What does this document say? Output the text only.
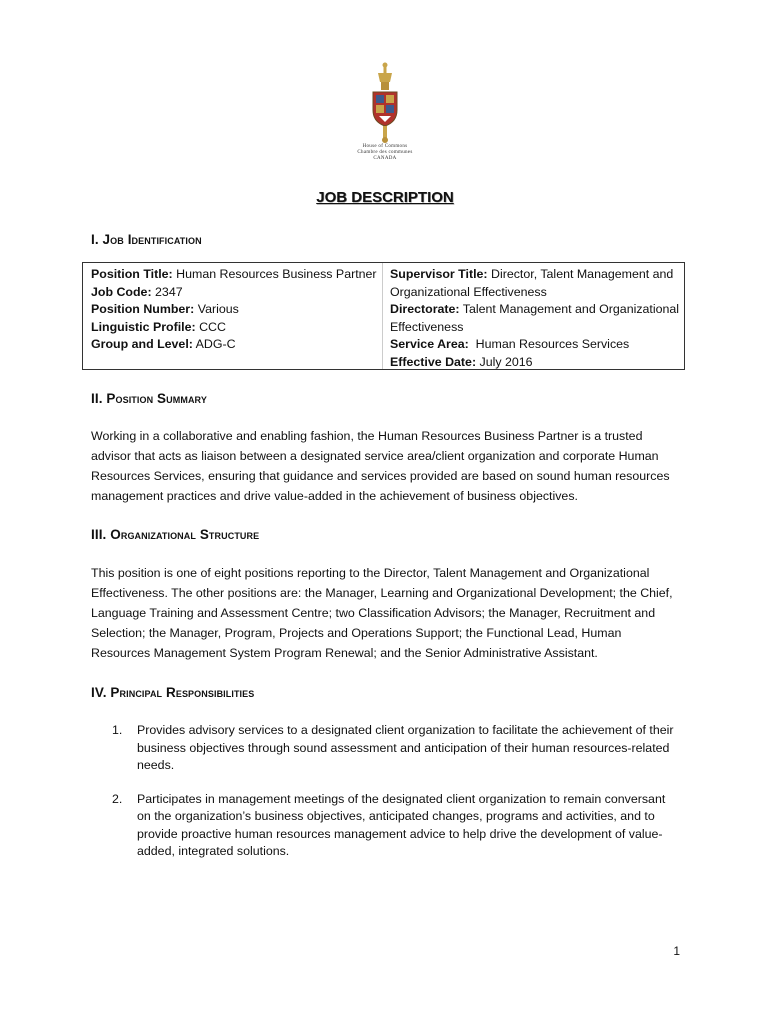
House of Commons
Chambre des communes
CANADA
JOB DESCRIPTION
I. Job Identification
Position Title: Human Resources Business Partner
Job Code: 2347
Position Number: Various
Linguistic Profile: CCC
Group and Level: ADG-C
Supervisor Title: Director, Talent Management and Organizational Effectiveness
Directorate: Talent Management and Organizational Effectiveness
Service Area: Human Resources Services
Effective Date: July 2016
II. Position Summary
Working in a collaborative and enabling fashion, the Human Resources Business Partner is a trusted advisor that acts as liaison between a designated service area/client organization and corporate Human Resources Services, ensuring that guidance and services provided are based on sound human resources management practices and drive value-added in the achievement of business objectives.
III. Organizational Structure
This position is one of eight positions reporting to the Director, Talent Management and Organizational Effectiveness. The other positions are: the Manager, Learning and Organizational Development; the Chief, Language Training and Assessment Centre; two Classification Advisors; the Manager, Recruitment and Selection; the Manager, Program, Projects and Operations Support; the Functional Lead, Human Resources Management System Program Renewal; and the Senior Administrative Assistant.
IV. Principal Responsibilities
1. Provides advisory services to a designated client organization to facilitate the achievement of their business objectives through sound assessment and anticipation of their human resources-related needs.
2. Participates in management meetings of the designated client organization to remain conversant on the organization’s business objectives, anticipated changes, programs and activities, and to provide proactive human resources management advice to help drive the development of value-added, integrated solutions.
1
